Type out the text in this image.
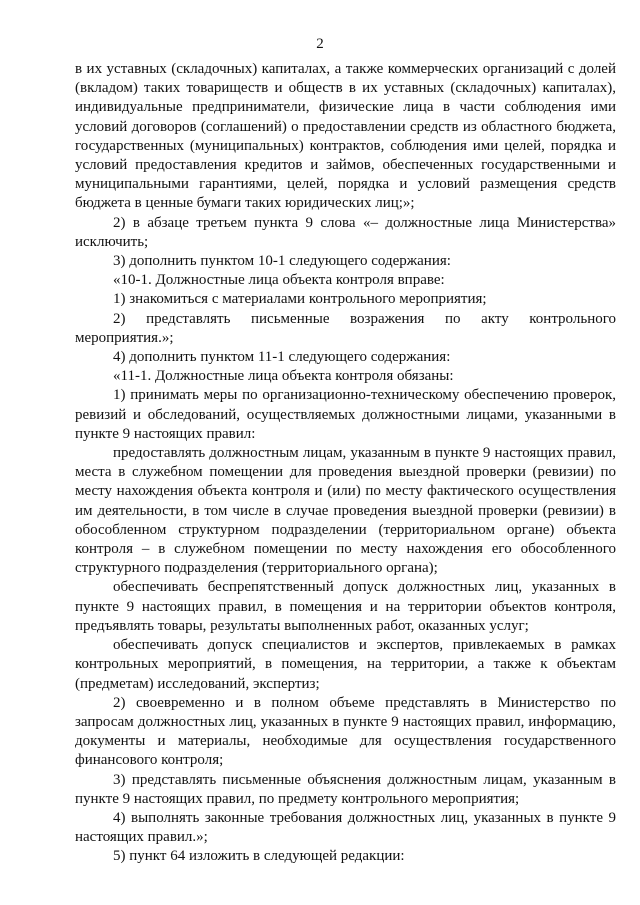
2

в их уставных (складочных) капиталах, а также коммерческих организаций с долей (вкладом) таких товариществ и обществ в их уставных (складочных) капиталах), индивидуальные предприниматели, физические лица в части соблюдения ими условий договоров (соглашений) о предоставлении средств из областного бюджета, государственных (муниципальных) контрактов, соблюдения ими целей, порядка и условий предоставления кредитов и займов, обеспеченных государственными и муниципальными гарантиями, целей, порядка и условий размещения средств бюджета в ценные бумаги таких юридических лиц;»;

2) в абзаце третьем пункта 9 слова «– должностные лица Министерства» исключить;

3) дополнить пунктом 10-1 следующего содержания:

«10-1. Должностные лица объекта контроля вправе:

1) знакомиться с материалами контрольного мероприятия;

2) представлять письменные возражения по акту контрольного мероприятия.»;

4) дополнить пунктом 11-1 следующего содержания:

«11-1. Должностные лица объекта контроля обязаны:

1) принимать меры по организационно-техническому обеспечению проверок, ревизий и обследований, осуществляемых должностными лицами, указанными в пункте 9 настоящих правил:

предоставлять должностным лицам, указанным в пункте 9 настоящих правил, места в служебном помещении для проведения выездной проверки (ревизии) по месту нахождения объекта контроля и (или) по месту фактического осуществления им деятельности, в том числе в случае проведения выездной проверки (ревизии) в обособленном структурном подразделении (территориальном органе) объекта контроля – в служебном помещении по месту нахождения его обособленного структурного подразделения (территориального органа);

обеспечивать беспрепятственный допуск должностных лиц, указанных в пункте 9 настоящих правил, в помещения и на территории объектов контроля, предъявлять товары, результаты выполненных работ, оказанных услуг;

обеспечивать допуск специалистов и экспертов, привлекаемых в рамках контрольных мероприятий, в помещения, на территории, а также к объектам (предметам) исследований, экспертиз;

2) своевременно и в полном объеме представлять в Министерство по запросам должностных лиц, указанных в пункте 9 настоящих правил, информацию, документы и материалы, необходимые для осуществления государственного финансового контроля;

3) представлять письменные объяснения должностным лицам, указанным в пункте 9 настоящих правил, по предмету контрольного мероприятия;

4) выполнять законные требования должностных лиц, указанных в пункте 9 настоящих правил.»;

5) пункт 64 изложить в следующей редакции:
